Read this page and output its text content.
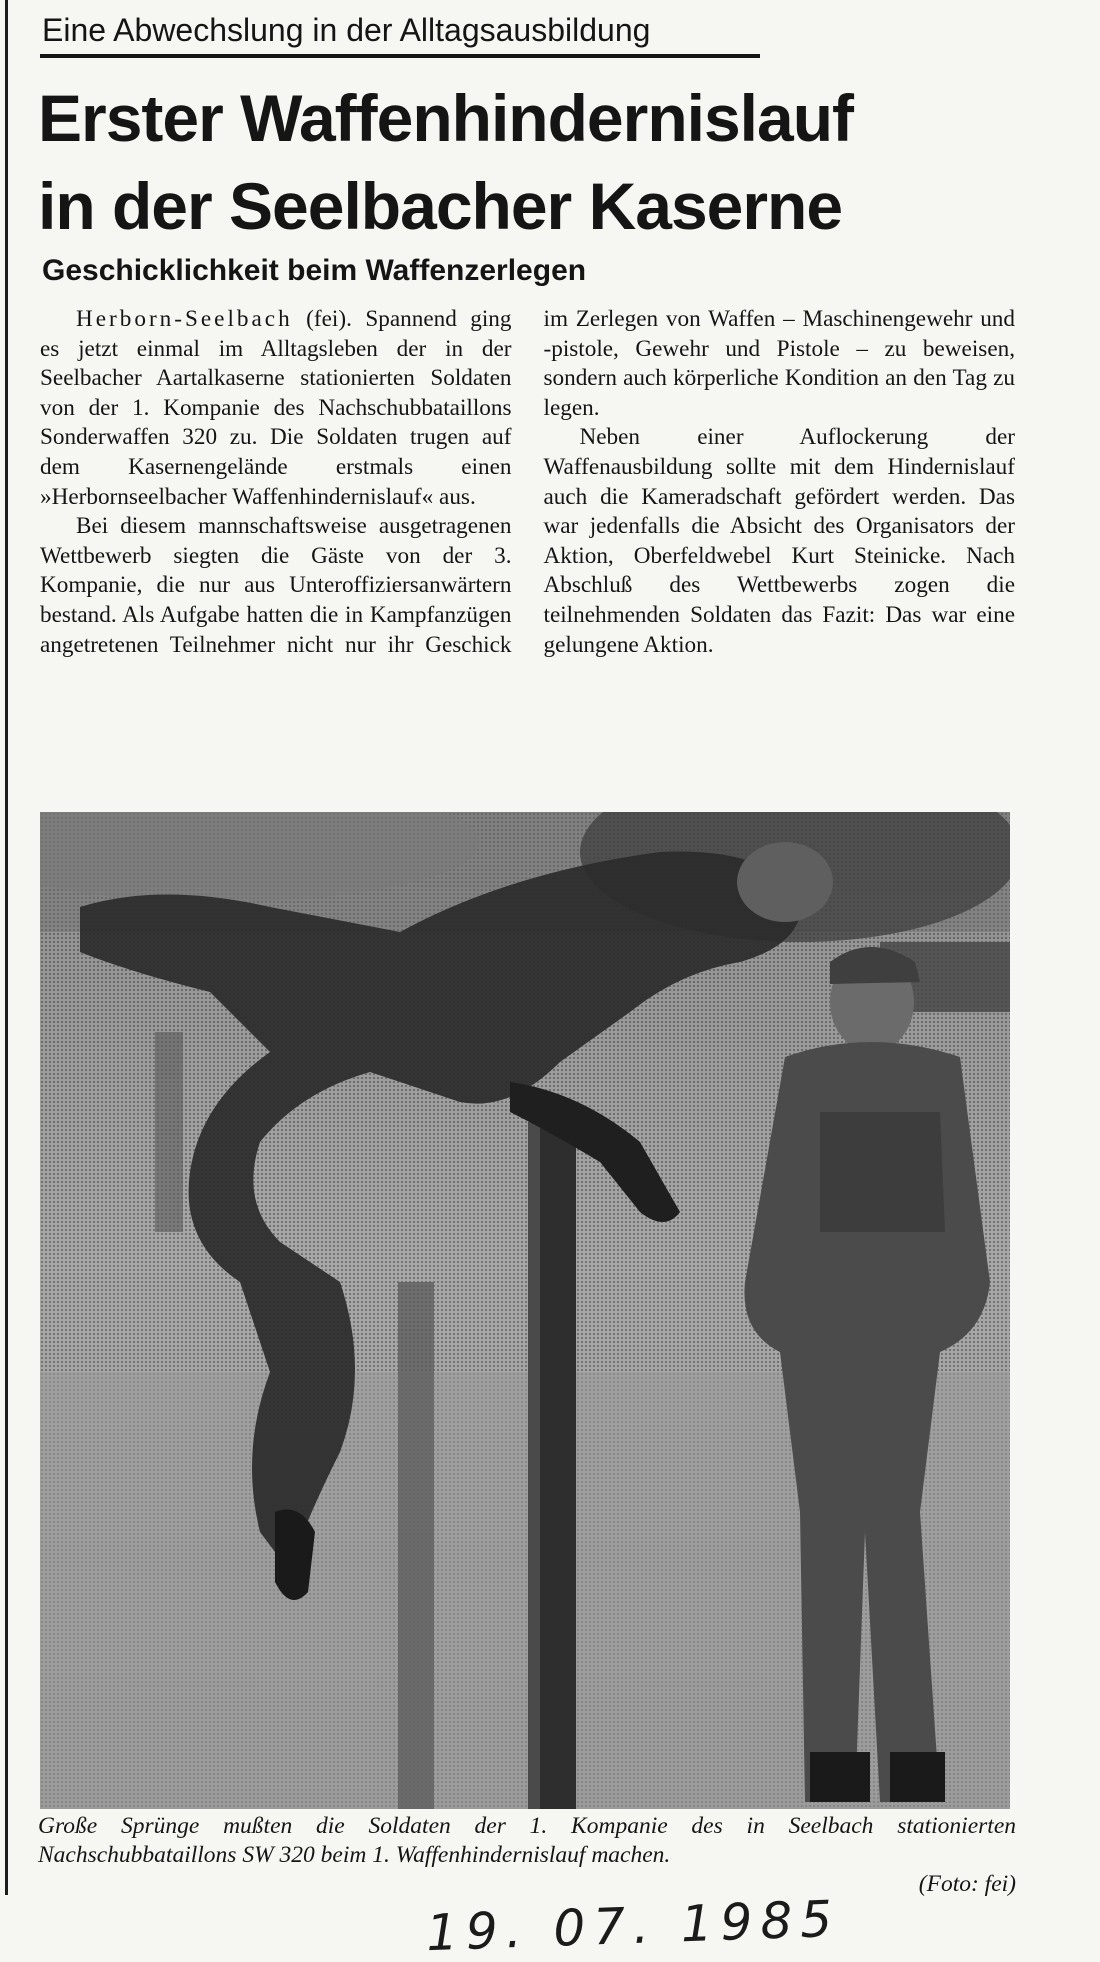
Eine Abwechslung in der Alltagsausbildung
Erster Waffenhindernislauf
in der Seelbacher Kaserne
Geschicklichkeit beim Waffenzerlegen

Herborn-Seelbach (fei). Spannend ging es jetzt einmal im Alltagsleben der in der Seelbacher Aartalkaserne stationierten Soldaten von der 1. Kompanie des Nachschubbataillons Sonderwaffen 320 zu. Die Soldaten trugen auf dem Kasernengelände erstmals einen »Herbornseelbacher Waffenhindernislauf« aus.

Bei diesem mannschaftsweise ausgetragenen Wettbewerb siegten die Gäste von der 3. Kompanie, die nur aus Unteroffiziersanwärtern bestand. Als Aufgabe hatten die in Kampfanzügen angetretenen Teilnehmer nicht nur ihr Geschick im Zerlegen von Waffen – Maschinengewehr und -pistole, Gewehr und Pistole – zu beweisen, sondern auch körperliche Kondition an den Tag zu legen.

Neben einer Auflockerung der Waffenausbildung sollte mit dem Hindernislauf auch die Kameradschaft gefördert werden. Das war jedenfalls die Absicht des Organisators der Aktion, Oberfeldwebel Kurt Steinicke. Nach Abschluß des Wettbewerbs zogen die teilnehmenden Soldaten das Fazit: Das war eine gelungene Aktion.

Große Sprünge mußten die Soldaten der 1. Kompanie des in Seelbach stationierten Nachschubbataillons SW 320 beim 1. Waffenhindernislauf machen.
(Foto: fei)
19. 07. 1985
